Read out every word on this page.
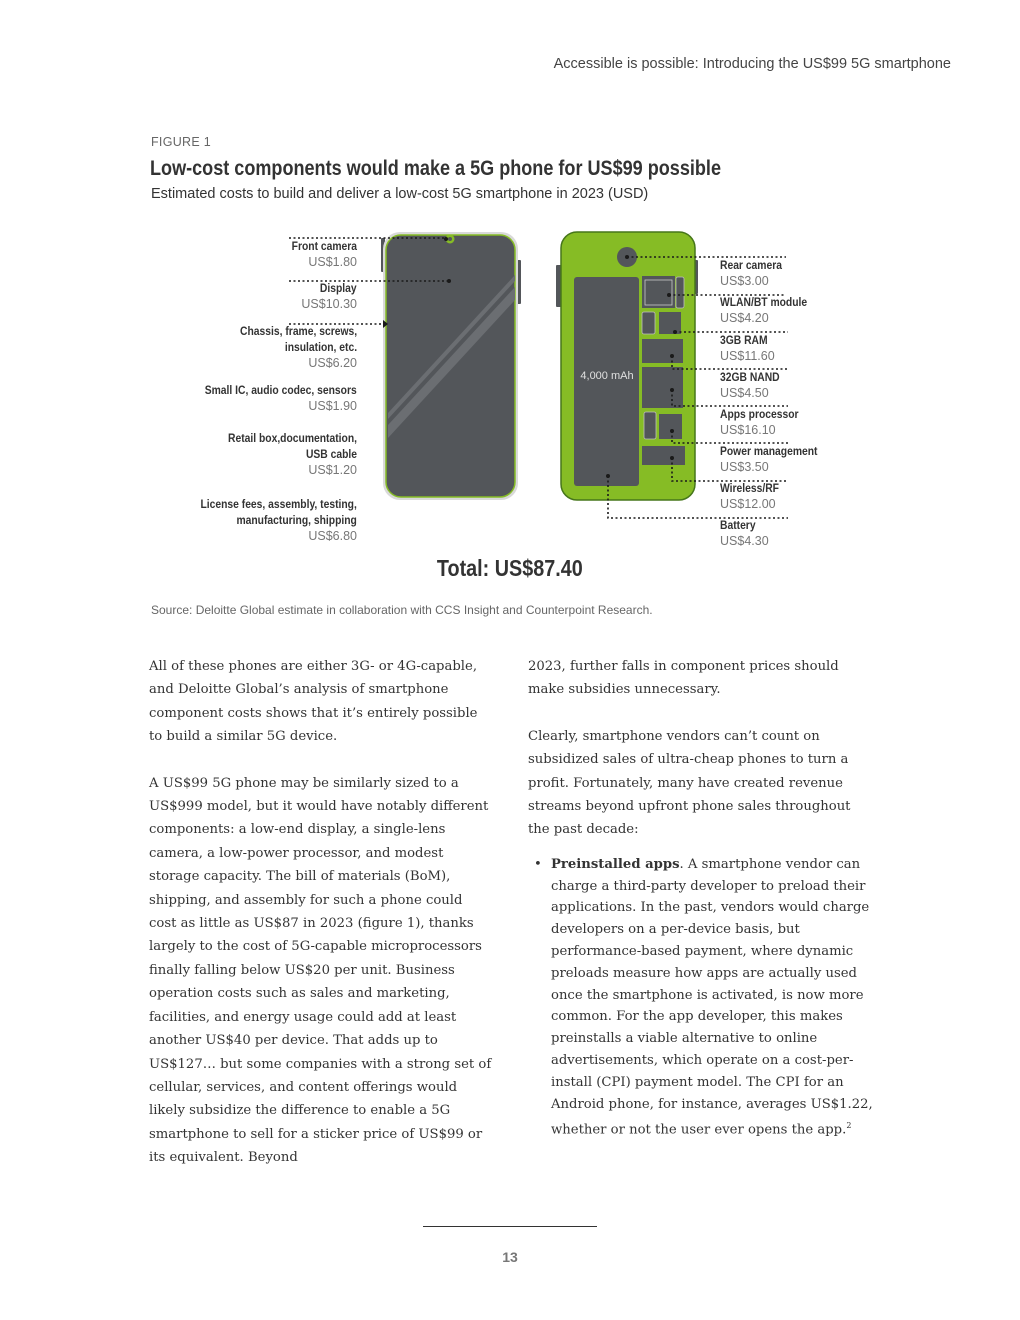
Accessible is possible: Introducing the US$99 5G smartphone
FIGURE 1
Low-cost components would make a 5G phone for US$99 possible
Estimated costs to build and deliver a low-cost 5G smartphone in 2023 (USD)
4,000 mAh
Front camera
US$1.80
Display
US$10.30
Chassis, frame, screws,
insulation, etc.
US$6.20
Small IC, audio codec, sensors
US$1.90
Retail box,documentation,
USB cable
US$1.20
License fees, assembly, testing,
manufacturing, shipping
US$6.80
Rear camera
US$3.00
WLAN/BT module
US$4.20
3GB RAM
US$11.60
32GB NAND
US$4.50
Apps processor
US$16.10
Power management
US$3.50
Wireless/RF
US$12.00
Battery
US$4.30
Total: US$87.40
Source: Deloitte Global estimate in collaboration with CCS Insight and Counterpoint Research.

All of these phones are either 3G- or 4G-capable, and Deloitte Global’s analysis of smartphone component costs shows that it’s entirely possible to build a similar 5G device.

A US$99 5G phone may be similarly sized to a US$999 model, but it would have notably different components: a low-end display, a single-lens camera, a low-power processor, and modest storage capacity. The bill of materials (BoM), shipping, and assembly for such a phone could cost as little as US$87 in 2023 (figure 1), thanks largely to the cost of 5G-capable microprocessors finally falling below US$20 per unit. Business operation costs such as sales and marketing, facilities, and energy usage could add at least another US$40 per device. That adds up to US$127… but some companies with a strong set of cellular, services, and content offerings would likely subsidize the difference to enable a 5G smartphone to sell for a sticker price of US$99 or its equivalent. Beyond

2023, further falls in component prices should make subsidies unnecessary.

Clearly, smartphone vendors can’t count on subsidized sales of ultra-cheap phones to turn a profit. Fortunately, many have created revenue streams beyond upfront phone sales throughout the past decade:

• Preinstalled apps. A smartphone vendor can charge a third-party developer to preload their applications. In the past, vendors would charge developers on a per-device basis, but performance-based payment, where dynamic preloads measure how apps are actually used once the smartphone is activated, is now more common. For the app developer, this makes preinstalls a viable alternative to online advertisements, which operate on a cost-per-install (CPI) payment model. The CPI for an Android phone, for instance, averages US$1.22, whether or not the user ever opens the app.$^2$
13
